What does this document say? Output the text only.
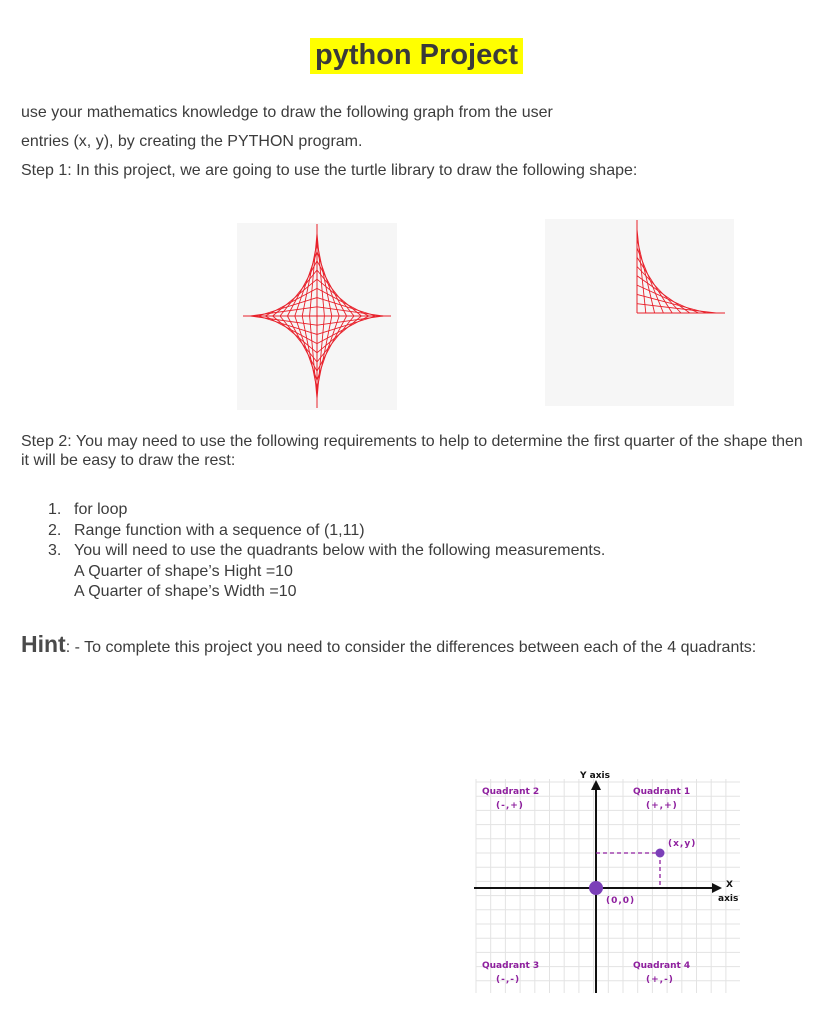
python Project
use your mathematics knowledge to draw the following graph from the user
entries (x, y), by creating the PYTHON program.
Step 1: In this project, we are going to use the turtle library to draw the following shape:
Step 2: You may need to use the following requirements to help to determine the first quarter of the shape then it will be easy to draw the rest:
1. for loop
2. Range function with a sequence of (1,11)
3. You will need to use the quadrants below with the following measurements.
A Quarter of shape’s Hight =10
A Quarter of shape’s Width =10
Hint: - To complete this project you need to consider the differences between each of the 4 quadrants:
Y axis
X
axis
(0,0)
(x,y)
Quadrant 2
(-,+)
Quadrant 1
(+,+)
Quadrant 3
(-,-)
Quadrant 4
(+,-)
